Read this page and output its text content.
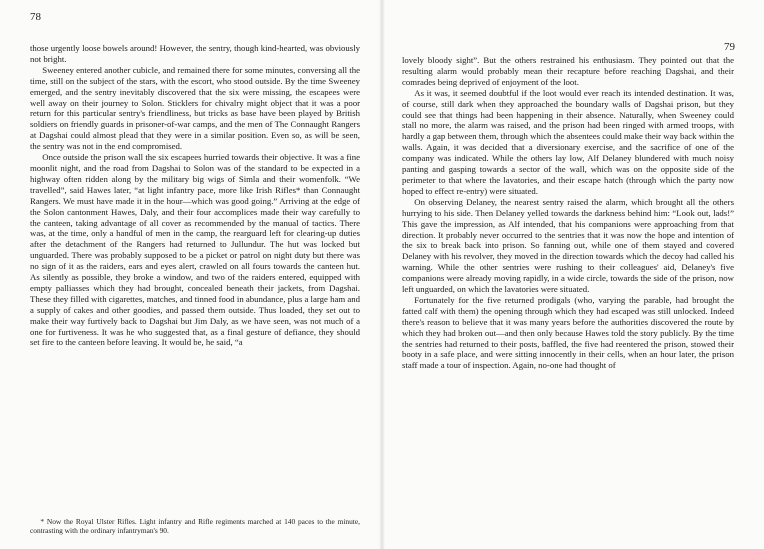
78

those urgently loose bowels around! However, the sentry, though kind-hearted, was obviously not bright.

Sweeney entered another cubicle, and remained there for some minutes, conversing all the time, still on the subject of the stars, with the escort, who stood outside. By the time Sweeney emerged, and the sentry inevitably discovered that the six were missing, the escapees were well away on their journey to Solon. Sticklers for chivalry might object that it was a poor return for this particular sentry's friendliness, but tricks as base have been played by British soldiers on friendly guards in prisoner-of-war camps, and the men of The Connaught Rangers at Dagshai could almost plead that they were in a similar position. Even so, as will be seen, the sentry was not in the end compromised.

Once outside the prison wall the six escapees hurried towards their objective. It was a fine moonlit night, and the road from Dagshai to Solon was of the standard to be expected in a highway often ridden along by the military big wigs of Simla and their womenfolk. “We travelled”, said Hawes later, “at light infantry pace, more like Irish Rifles* than Connaught Rangers. We must have made it in the hour—which was good going.” Arriving at the edge of the Solon cantonment Hawes, Daly, and their four accomplices made their way carefully to the canteen, taking advantage of all cover as recommended by the manual of tactics. There was, at the time, only a handful of men in the camp, the rearguard left for clearing-up duties after the detachment of the Rangers had returned to Jullundur. The hut was locked but unguarded. There was probably supposed to be a picket or patrol on night duty but there was no sign of it as the raiders, ears and eyes alert, crawled on all fours towards the canteen hut. As silently as possible, they broke a window, and two of the raiders entered, equipped with empty palliasses which they had brought, concealed beneath their jackets, from Dagshai. These they filled with cigarettes, matches, and tinned food in abundance, plus a large ham and a supply of cakes and other goodies, and passed them outside. Thus loaded, they set out to make their way furtively back to Dagshai but Jim Daly, as we have seen, was not much of a one for furtiveness. It was he who suggested that, as a final gesture of defiance, they should set fire to the canteen before leaving. It would be, he said, “a

* Now the Royal Ulster Rifles. Light infantry and Rifle regiments marched at 140 paces to the minute, contrasting with the ordinary infantryman's 90.

79

lovely bloody sight”. But the others restrained his enthusiasm. They pointed out that the resulting alarm would probably mean their recapture before reaching Dagshai, and their comrades being deprived of enjoyment of the loot.

As it was, it seemed doubtful if the loot would ever reach its intended destination. It was, of course, still dark when they approached the boundary walls of Dagshai prison, but they could see that things had been happening in their absence. Naturally, when Sweeney could stall no more, the alarm was raised, and the prison had been ringed with armed troops, with hardly a gap between them, through which the absentees could make their way back within the walls. Again, it was decided that a diversionary exercise, and the sacrifice of one of the company was indicated. While the others lay low, Alf Delaney blundered with much noisy panting and gasping towards a sector of the wall, which was on the opposite side of the perimeter to that where the lavatories, and their escape hatch (through which the party now hoped to effect re-entry) were situated.

On observing Delaney, the nearest sentry raised the alarm, which brought all the others hurrying to his side. Then Delaney yelled towards the darkness behind him: “Look out, lads!” This gave the impression, as Alf intended, that his companions were approaching from that direction. It probably never occurred to the sentries that it was now the hope and intention of the six to break back into prison. So fanning out, while one of them stayed and covered Delaney with his revolver, they moved in the direction towards which the decoy had called his warning. While the other sentries were rushing to their colleagues' aid, Delaney's five companions were already moving rapidly, in a wide circle, towards the side of the prison, now left unguarded, on which the lavatories were situated.

Fortunately for the five returned prodigals (who, varying the parable, had brought the fatted calf with them) the opening through which they had escaped was still unlocked. Indeed there's reason to believe that it was many years before the authorities discovered the route by which they had broken out—and then only because Hawes told the story publicly. By the time the sentries had returned to their posts, baffled, the five had reentered the prison, stowed their booty in a safe place, and were sitting innocently in their cells, when an hour later, the prison staff made a tour of inspection. Again, no-one had thought of
